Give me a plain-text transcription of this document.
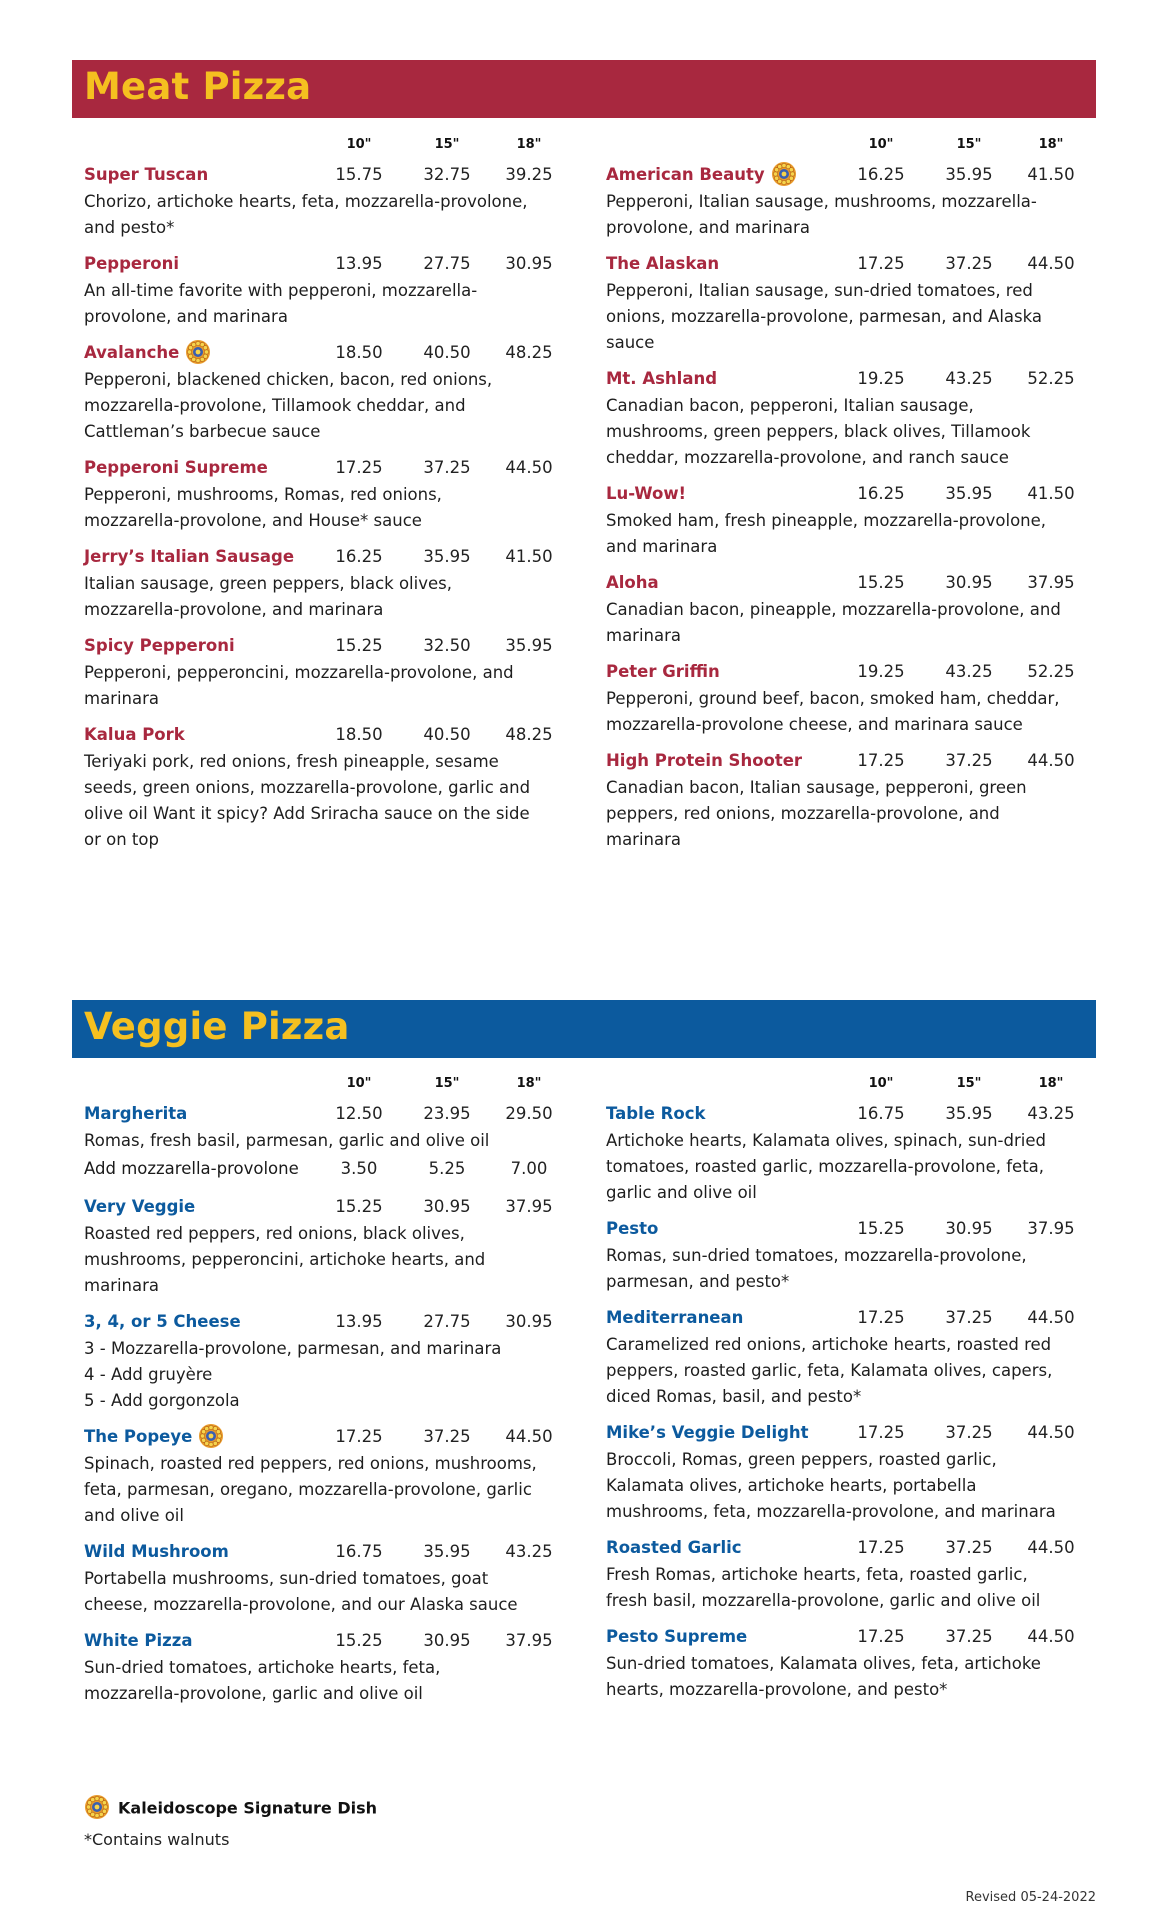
Meat Pizza
10"	15"	18"
Super Tuscan	15.75	32.75	39.25
Chorizo, artichoke hearts, feta, mozzarella-provolone, and pesto*
Pepperoni	13.95	27.75	30.95
An all-time favorite with pepperoni, mozzarella-provolone, and marinara
Avalanche	18.50	40.50	48.25
Pepperoni, blackened chicken, bacon, red onions, mozzarella-provolone, Tillamook cheddar, and Cattleman’s barbecue sauce
Pepperoni Supreme	17.25	37.25	44.50
Pepperoni, mushrooms, Romas, red onions, mozzarella-provolone, and House* sauce
Jerry’s Italian Sausage	16.25	35.95	41.50
Italian sausage, green peppers, black olives, mozzarella-provolone, and marinara
Spicy Pepperoni	15.25	32.50	35.95
Pepperoni, pepperoncini, mozzarella-provolone, and marinara
Kalua Pork	18.50	40.50	48.25
Teriyaki pork, red onions, fresh pineapple, sesame seeds, green onions, mozzarella-provolone, garlic and olive oil Want it spicy? Add Sriracha sauce on the side or on top
10"	15"	18"
American Beauty	16.25	35.95	41.50
Pepperoni, Italian sausage, mushrooms, mozzarella-provolone, and marinara
The Alaskan	17.25	37.25	44.50
Pepperoni, Italian sausage, sun-dried tomatoes, red onions, mozzarella-provolone, parmesan, and Alaska sauce
Mt. Ashland	19.25	43.25	52.25
Canadian bacon, pepperoni, Italian sausage, mushrooms, green peppers, black olives, Tillamook cheddar, mozzarella-provolone, and ranch sauce
Lu-Wow!	16.25	35.95	41.50
Smoked ham, fresh pineapple, mozzarella-provolone, and marinara
Aloha	15.25	30.95	37.95
Canadian bacon, pineapple, mozzarella-provolone, and marinara
Peter Griffin	19.25	43.25	52.25
Pepperoni, ground beef, bacon, smoked ham, cheddar, mozzarella-provolone cheese, and marinara sauce
High Protein Shooter	17.25	37.25	44.50
Canadian bacon, Italian sausage, pepperoni, green peppers, red onions, mozzarella-provolone, and marinara
Veggie Pizza
10"	15"	18"
Margherita	12.50	23.95	29.50
Romas, fresh basil, parmesan, garlic and olive oil
Add mozzarella-provolone	3.50	5.25	7.00
Very Veggie	15.25	30.95	37.95
Roasted red peppers, red onions, black olives, mushrooms, pepperoncini, artichoke hearts, and marinara
3, 4, or 5 Cheese	13.95	27.75	30.95
3 - Mozzarella-provolone, parmesan, and marinara
4 - Add gruyère
5 - Add gorgonzola
The Popeye	17.25	37.25	44.50
Spinach, roasted red peppers, red onions, mushrooms, feta, parmesan, oregano, mozzarella-provolone, garlic and olive oil
Wild Mushroom	16.75	35.95	43.25
Portabella mushrooms, sun-dried tomatoes, goat cheese, mozzarella-provolone, and our Alaska sauce
White Pizza	15.25	30.95	37.95
Sun-dried tomatoes, artichoke hearts, feta, mozzarella-provolone, garlic and olive oil
10"	15"	18"
Table Rock	16.75	35.95	43.25
Artichoke hearts, Kalamata olives, spinach, sun-dried tomatoes, roasted garlic, mozzarella-provolone, feta, garlic and olive oil
Pesto	15.25	30.95	37.95
Romas, sun-dried tomatoes, mozzarella-provolone, parmesan, and pesto*
Mediterranean	17.25	37.25	44.50
Caramelized red onions, artichoke hearts, roasted red peppers, roasted garlic, feta, Kalamata olives, capers, diced Romas, basil, and pesto*
Mike’s Veggie Delight	17.25	37.25	44.50
Broccoli, Romas, green peppers, roasted garlic, Kalamata olives, artichoke hearts, portabella mushrooms, feta, mozzarella-provolone, and marinara
Roasted Garlic	17.25	37.25	44.50
Fresh Romas, artichoke hearts, feta, roasted garlic, fresh basil, mozzarella-provolone, garlic and olive oil
Pesto Supreme	17.25	37.25	44.50
Sun-dried tomatoes, Kalamata olives, feta, artichoke hearts, mozzarella-provolone, and pesto*
Kaleidoscope Signature Dish
*Contains walnuts
Revised 05-24-2022
